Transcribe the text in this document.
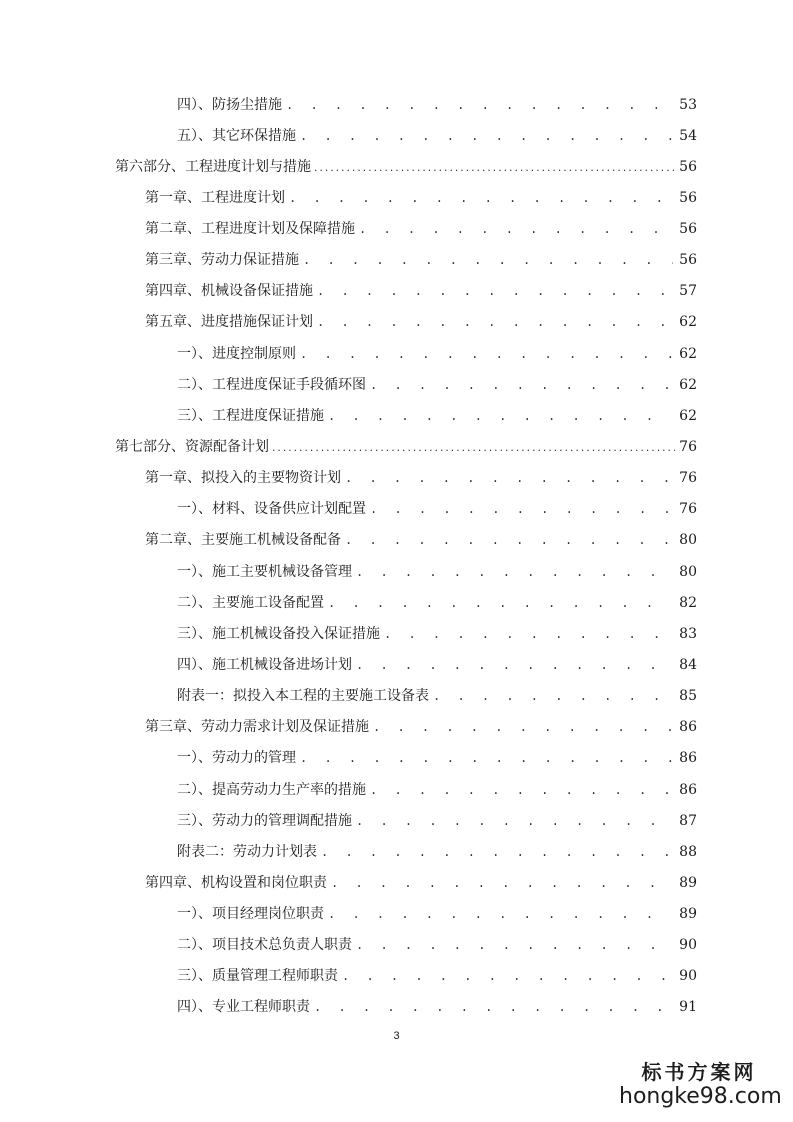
四）、防扬尘措施 . . .	53
五）、其它环保措施 . . .	54
第六部分、工程进度计划与措施 .....	56
第一章、工程进度计划 . . .	56
第二章、工程进度计划及保障措施 . . .	56
第三章、劳动力保证措施 . . .	56
第四章、机械设备保证措施 . . .	57
第五章、进度措施保证计划 . . .	62
一）、进度控制原则 . . .	62
二）、工程进度保证手段循环图 . . .	62
三）、工程进度保证措施 . . .	62
第七部分、资源配备计划 .....	76
第一章、拟投入的主要物资计划 . . .	76
一）、材料、设备供应计划配置 . . .	76
第二章、主要施工机械设备配备 . . .	80
一）、施工主要机械设备管理 . . .	80
二）、主要施工设备配置 . . .	82
三）、施工机械设备投入保证措施 . . .	83
四）、施工机械设备进场计划 . . .	84
附表一：拟投入本工程的主要施工设备表 . . .	85
第三章、劳动力需求计划及保证措施 . . .	86
一）、劳动力的管理 . . .	86
二）、提高劳动力生产率的措施 . . .	86
三）、劳动力的管理调配措施 . . .	87
附表二：劳动力计划表 . . .	88
第四章、机构设置和岗位职责 . . .	89
一）、项目经理岗位职责 . . .	89
二）、项目技术总负责人职责 . . .	90
三）、质量管理工程师职责 . . .	90
四）、专业工程师职责 . . .	91
3
标书方案网
hongke98.com
